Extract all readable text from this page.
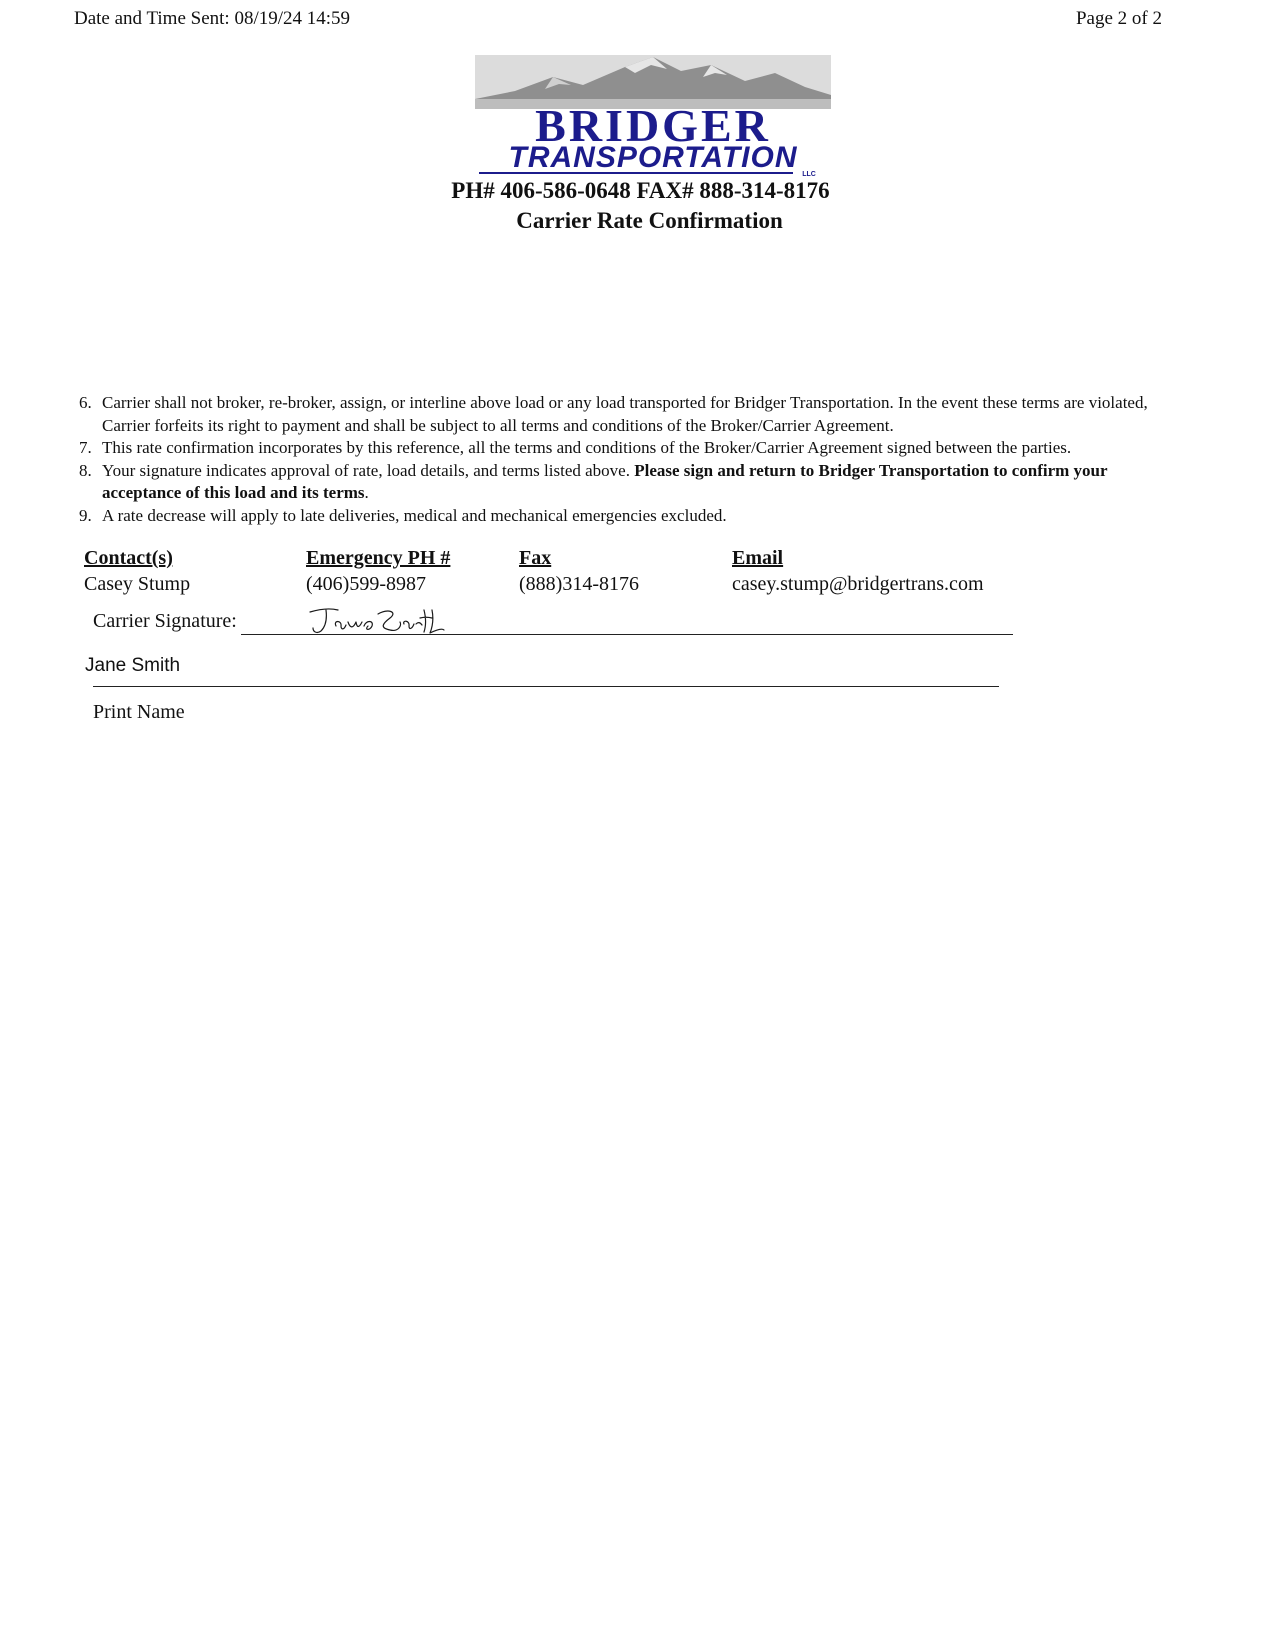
Date and Time Sent: 08/19/24 14:59	Page 2 of 2
BRIDGER
TRANSPORTATION
LLC
PH# 406-586-0648 FAX# 888-314-8176
Carrier Rate Confirmation
6. Carrier shall not broker, re-broker, assign, or interline above load or any load transported for Bridger Transportation. In the event these terms are violated, Carrier forfeits its right to payment and shall be subject to all terms and conditions of the Broker/Carrier Agreement.
7. This rate confirmation incorporates by this reference, all the terms and conditions of the Broker/Carrier Agreement signed between the parties.
8. Your signature indicates approval of rate, load details, and terms listed above. Please sign and return to Bridger Transportation to confirm your acceptance of this load and its terms.
9. A rate decrease will apply to late deliveries, medical and mechanical emergencies excluded.
Contact(s)
Casey Stump
Emergency PH #
(406)599-8987
Fax
(888)314-8176
Email
casey.stump@bridgertrans.com
Carrier Signature:
Jane Smith
Print Name
